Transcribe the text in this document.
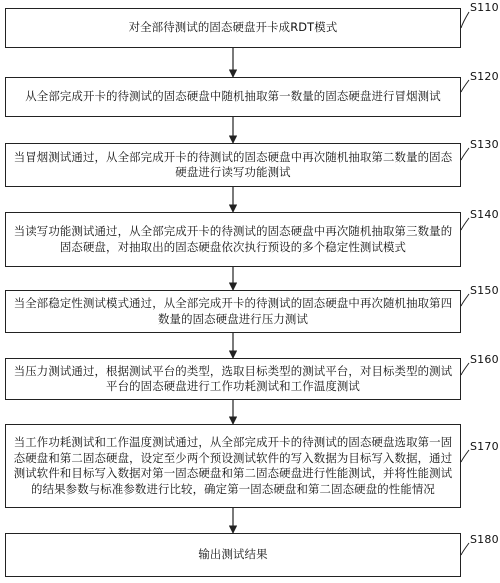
对全部待测试的固态硬盘开卡成RDT模式
S110
从全部完成开卡的待测试的固态硬盘中随机抽取第一数量的固态硬盘进行冒烟测试
S120
当冒烟测试通过，从全部完成开卡的待测试的固态硬盘中再次随机抽取第二数量的固态硬盘进行读写功能测试
S130
当读写功能测试通过，从全部完成开卡的待测试的固态硬盘中再次随机抽取第三数量的固态硬盘，对抽取出的固态硬盘依次执行预设的多个稳定性测试模式
S140
当全部稳定性测试模式通过，从全部完成开卡的待测试的固态硬盘中再次随机抽取第四数量的固态硬盘进行压力测试
S150
当压力测试通过，根据测试平台的类型，选取目标类型的测试平台，对目标类型的测试平台的固态硬盘进行工作功耗测试和工作温度测试
S160
当工作功耗测试和工作温度测试通过，从全部完成开卡的待测试的固态硬盘选取第一固态硬盘和第二固态硬盘，设定至少两个预设测试软件的写入数据为目标写入数据，通过测试软件和目标写入数据对第一固态硬盘和第二固态硬盘进行性能测试，并将性能测试的结果参数与标准参数进行比较，确定第一固态硬盘和第二固态硬盘的性能情况
S170
输出测试结果
S180
